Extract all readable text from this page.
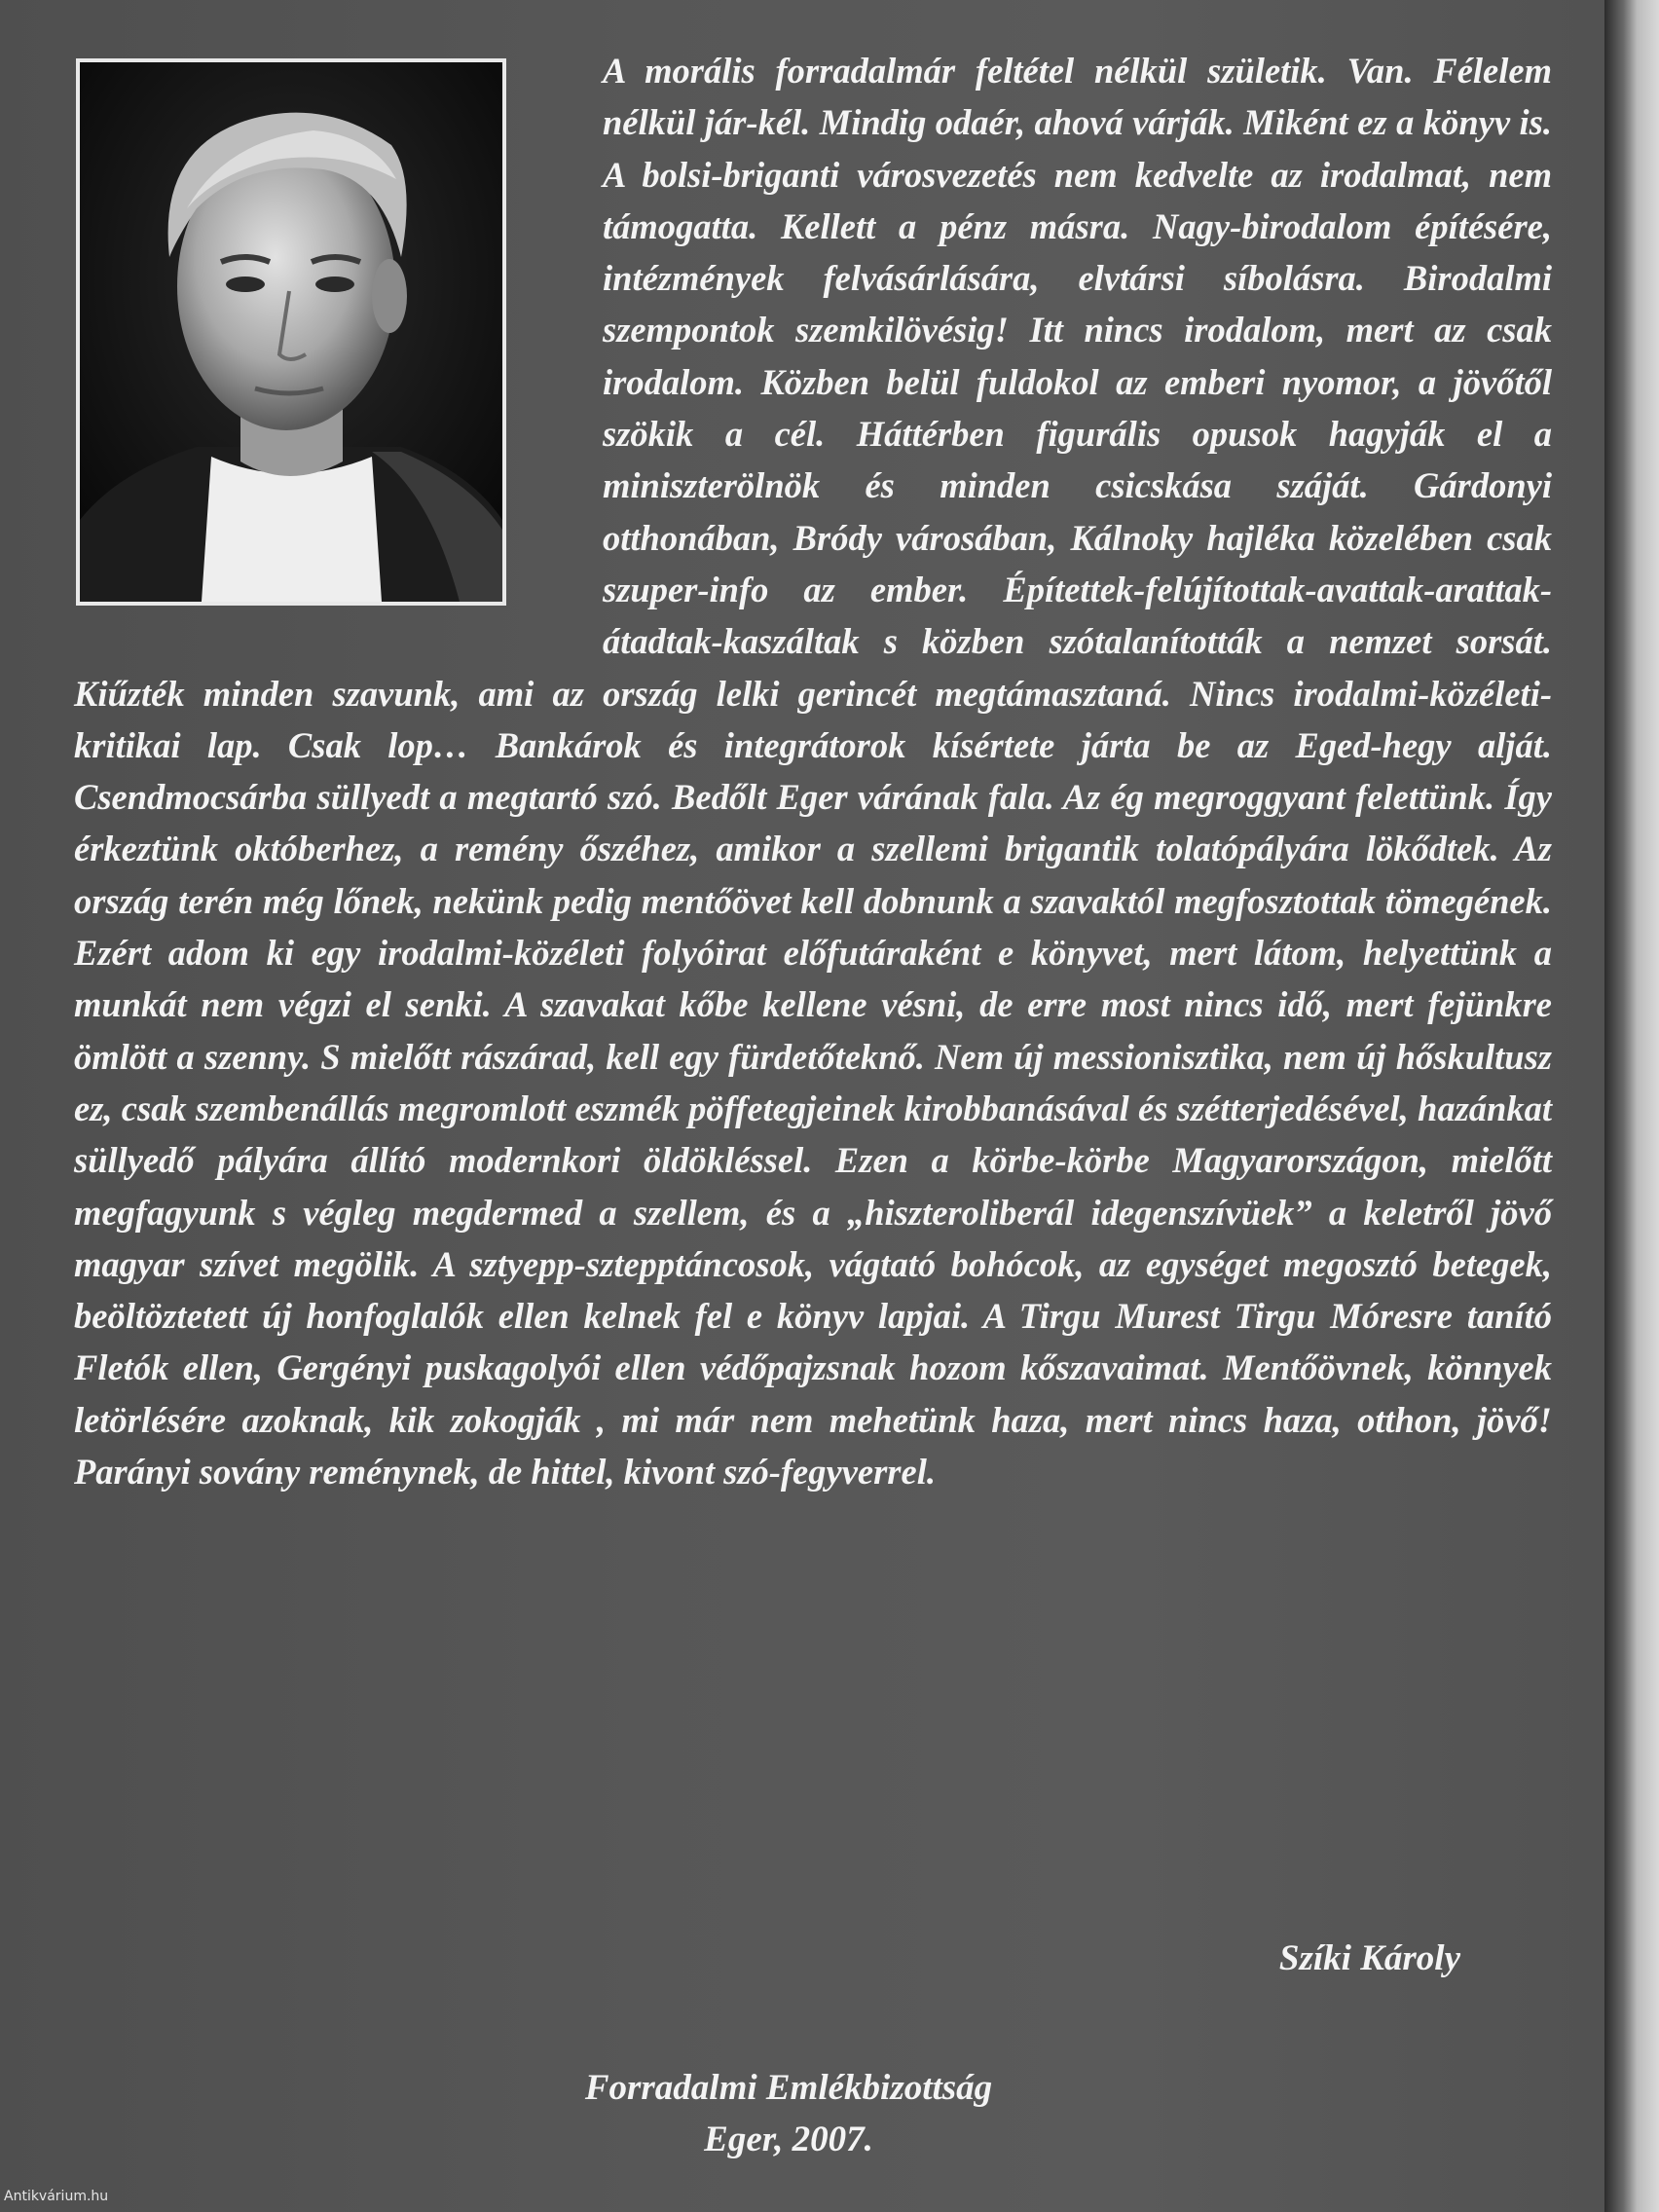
A morális forradalmár feltétel nélkül születik. Van. Félelem nélkül jár-kél. Mindig odaér, ahová várják. Miként ez a könyv is. A bolsi-briganti városvezetés nem kedvelte az irodalmat, nem támogatta. Kellett a pénz másra. Nagy-birodalom építésére, intézmények felvásárlására, elvtársi síbolásra. Birodalmi szempontok szemkilövésig! Itt nincs irodalom, mert az csak irodalom. Közben belül fuldokol az emberi nyomor, a jövőtől szökik a cél. Háttérben figurális opusok hagyják el a miniszterölnök és minden csicskása száját. Gárdonyi otthonában, Bródy városában, Kálnoky hajléka közelében csak szuper-info az ember. Építettek-felújítottak-avattak-arattak-átadtak-kaszáltak s közben szótalanították a nemzet sorsát. Kiűzték minden szavunk, ami az ország lelki gerincét megtámasztaná. Nincs irodalmi-közéleti-kritikai lap. Csak lop… Bankárok és integrátorok kísértete járta be az Eged-hegy alját. Csendmocsárba süllyedt a megtartó szó. Bedőlt Eger várának fala. Az ég megroggyant felettünk. Így érkeztünk októberhez, a remény őszéhez, amikor a szellemi brigantik tolatópályára lökődtek. Az ország terén még lőnek, nekünk pedig mentőövet kell dobnunk a szavaktól megfosztottak tömegének. Ezért adom ki egy irodalmi-közéleti folyóirat előfutáraként e könyvet, mert látom, helyettünk a munkát nem végzi el senki. A szavakat kőbe kellene vésni, de erre most nincs idő, mert fejünkre ömlött a szenny. S mielőtt rászárad, kell egy fürdetőteknő. Nem új messionisztika, nem új hőskultusz ez, csak szembenállás megromlott eszmék pöffetegjeinek kirobbanásával és szétterjedésével, hazánkat süllyedő pályára állító modernkori öldökléssel. Ezen a körbe-körbe Magyarországon, mielőtt megfagyunk s végleg megdermed a szellem, és a „hiszteroliberál idegenszívüek” a keletről jövő magyar szívet megölik. A sztyepp-sztepptáncosok, vágtató bohócok, az egységet megosztó betegek, beöltöztetett új honfoglalók ellen kelnek fel e könyv lapjai. A Tirgu Murest Tirgu Móresre tanító Fletók ellen, Gergényi puskagolyói ellen védőpajzsnak hozom kőszavaimat. Mentőövnek, könnyek letörlésére azoknak, kik zokogják , mi már nem mehetünk haza, mert nincs haza, otthon, jövő! Parányi sovány reménynek, de hittel, kivont szó-fegyverrel.

Szíki Károly
Forradalmi Emlékbizottság
Eger, 2007.
Antikvárium.hu
